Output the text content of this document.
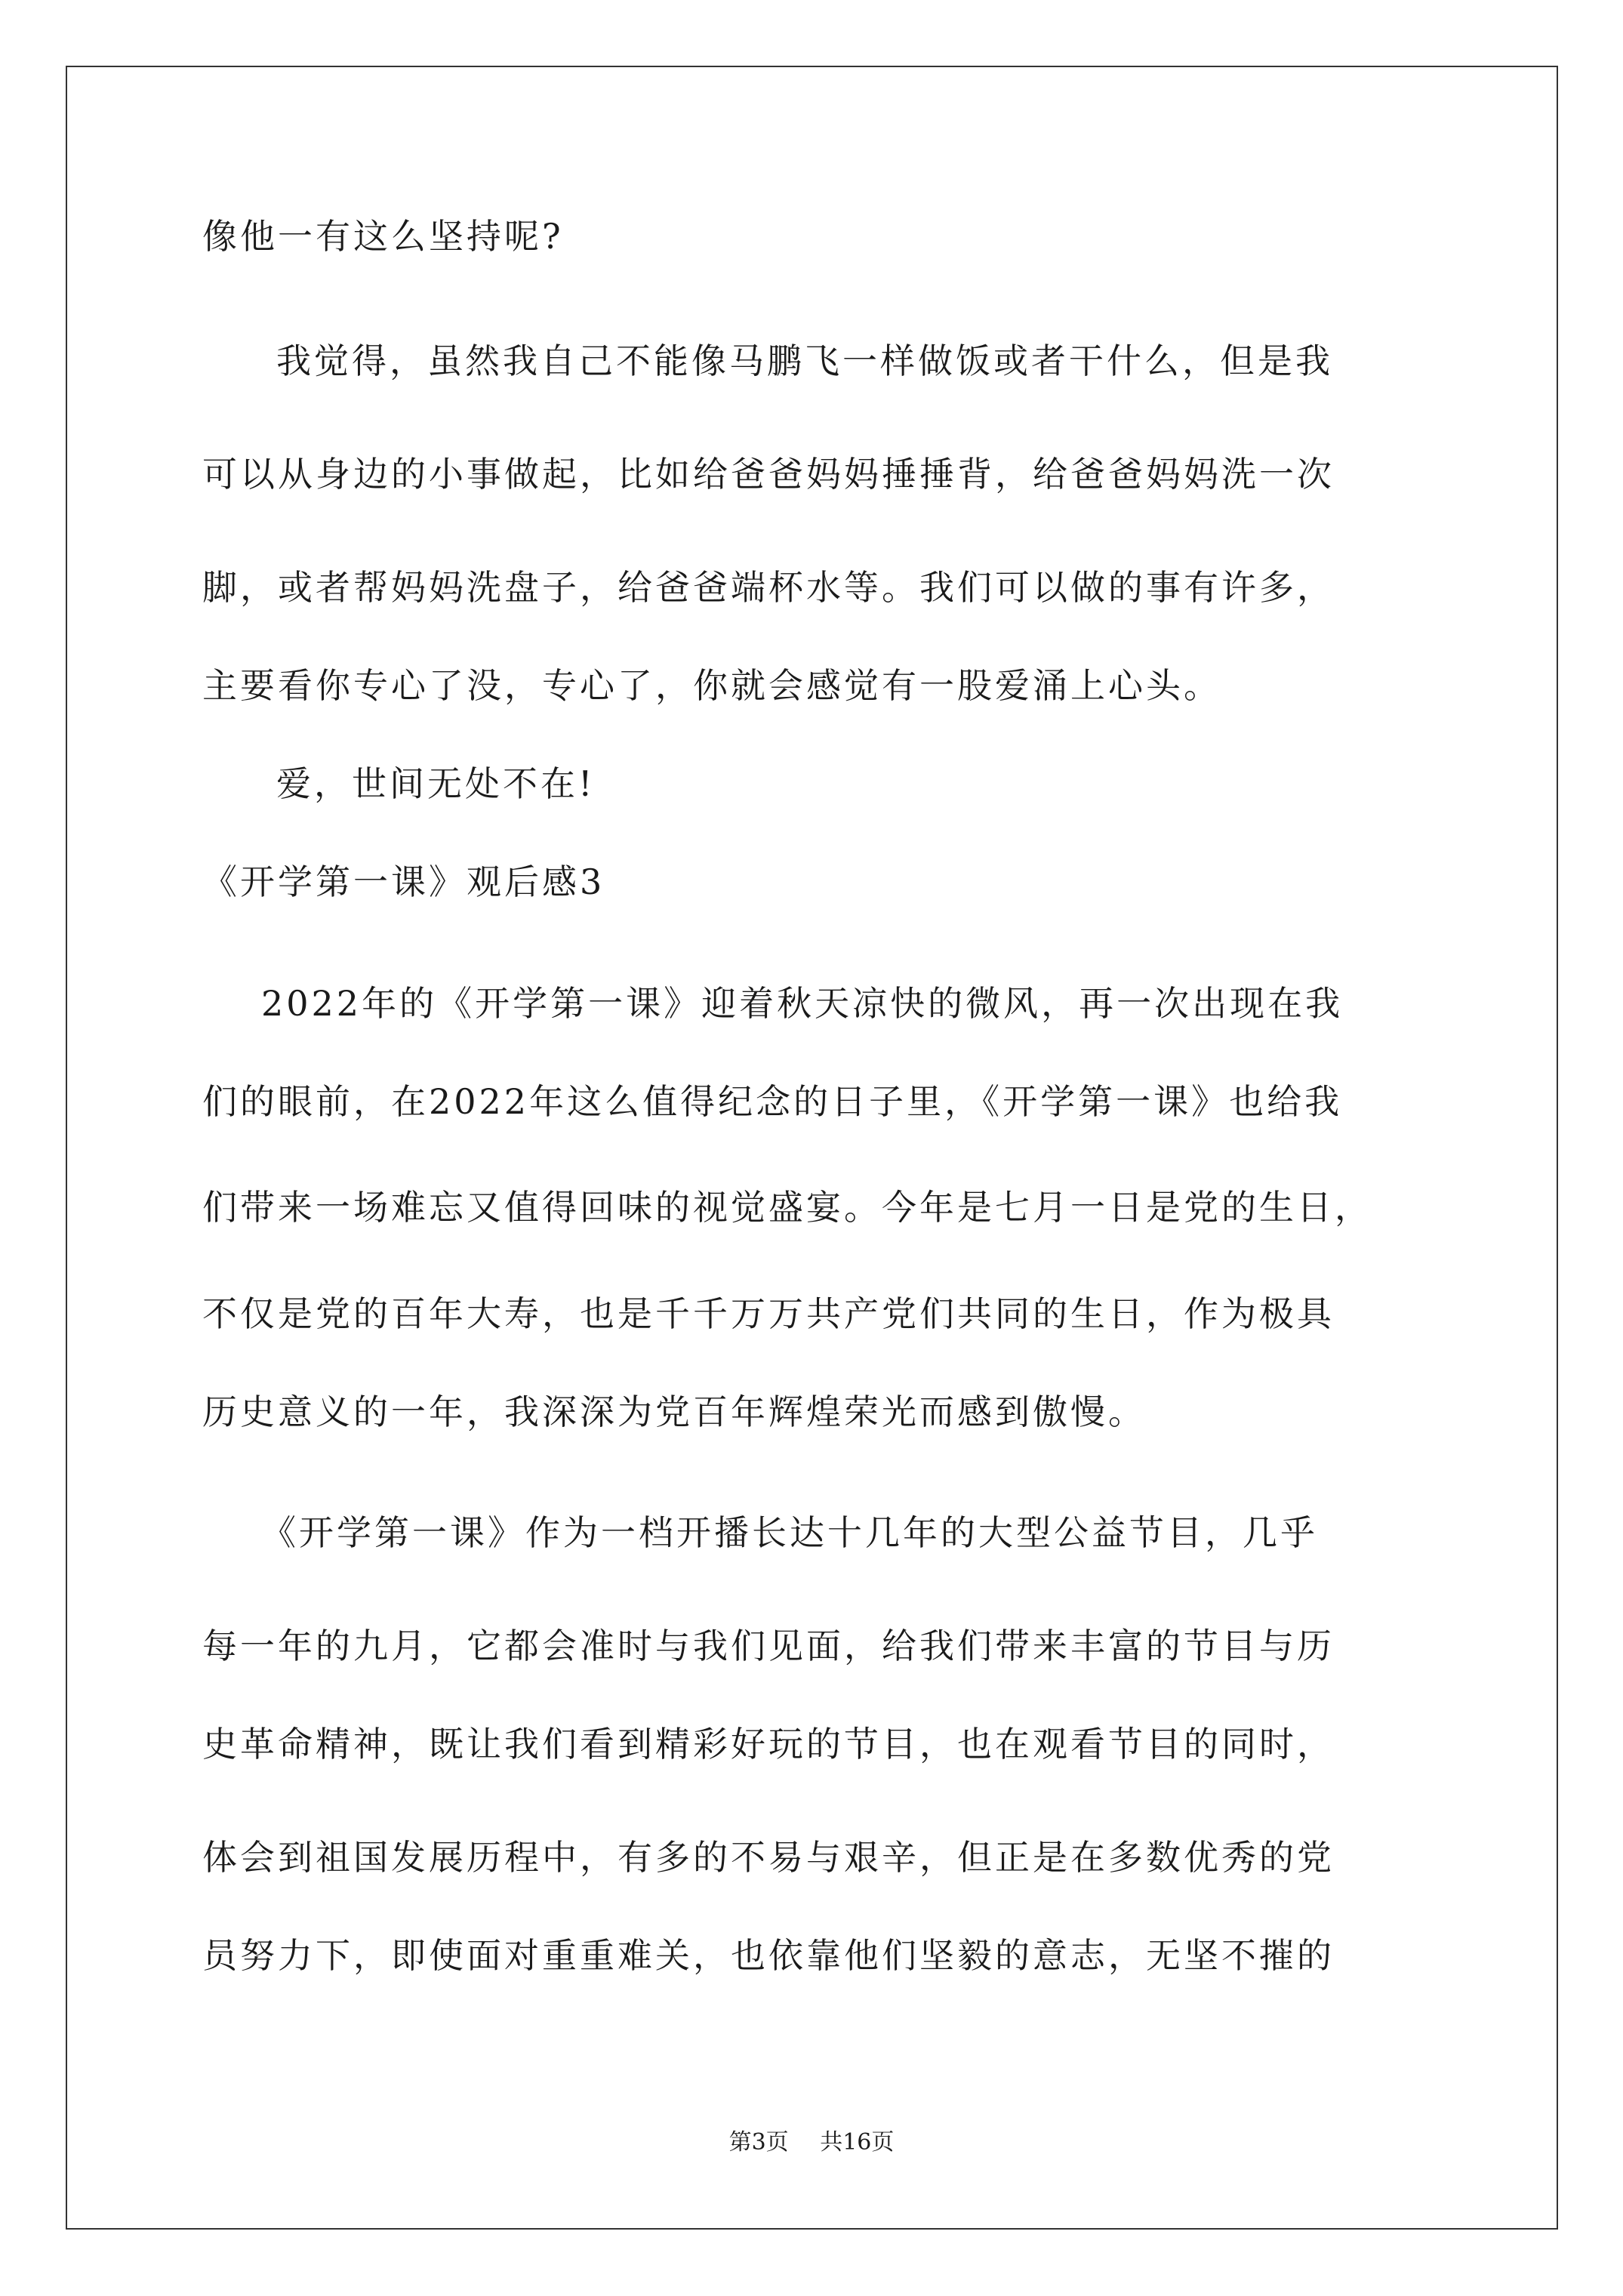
像他一有这么坚持呢?
我觉得，虽然我自己不能像马鹏飞一样做饭或者干什么，但是我
可以从身边的小事做起，比如给爸爸妈妈捶捶背，给爸爸妈妈洗一次
脚，或者帮妈妈洗盘子，给爸爸端杯水等。我们可以做的事有许多，
主要看你专心了没，专心了，你就会感觉有一股爱涌上心头。
爱，世间无处不在!
《开学第一课》观后感3
2022年的《开学第一课》迎着秋天凉快的微风，再一次出现在我
们的眼前，在2022年这么值得纪念的日子里，《开学第一课》也给我
们带来一场难忘又值得回味的视觉盛宴。今年是七月一日是党的生日，
不仅是党的百年大寿，也是千千万万共产党们共同的生日，作为极具
历史意义的一年，我深深为党百年辉煌荣光而感到傲慢。
《开学第一课》作为一档开播长达十几年的大型公益节目，几乎
每一年的九月，它都会准时与我们见面，给我们带来丰富的节目与历
史革命精神，既让我们看到精彩好玩的节目，也在观看节目的同时，
体会到祖国发展历程中，有多的不易与艰辛，但正是在多数优秀的党
员努力下，即使面对重重难关，也依靠他们坚毅的意志，无坚不摧的
第3页 共16页
